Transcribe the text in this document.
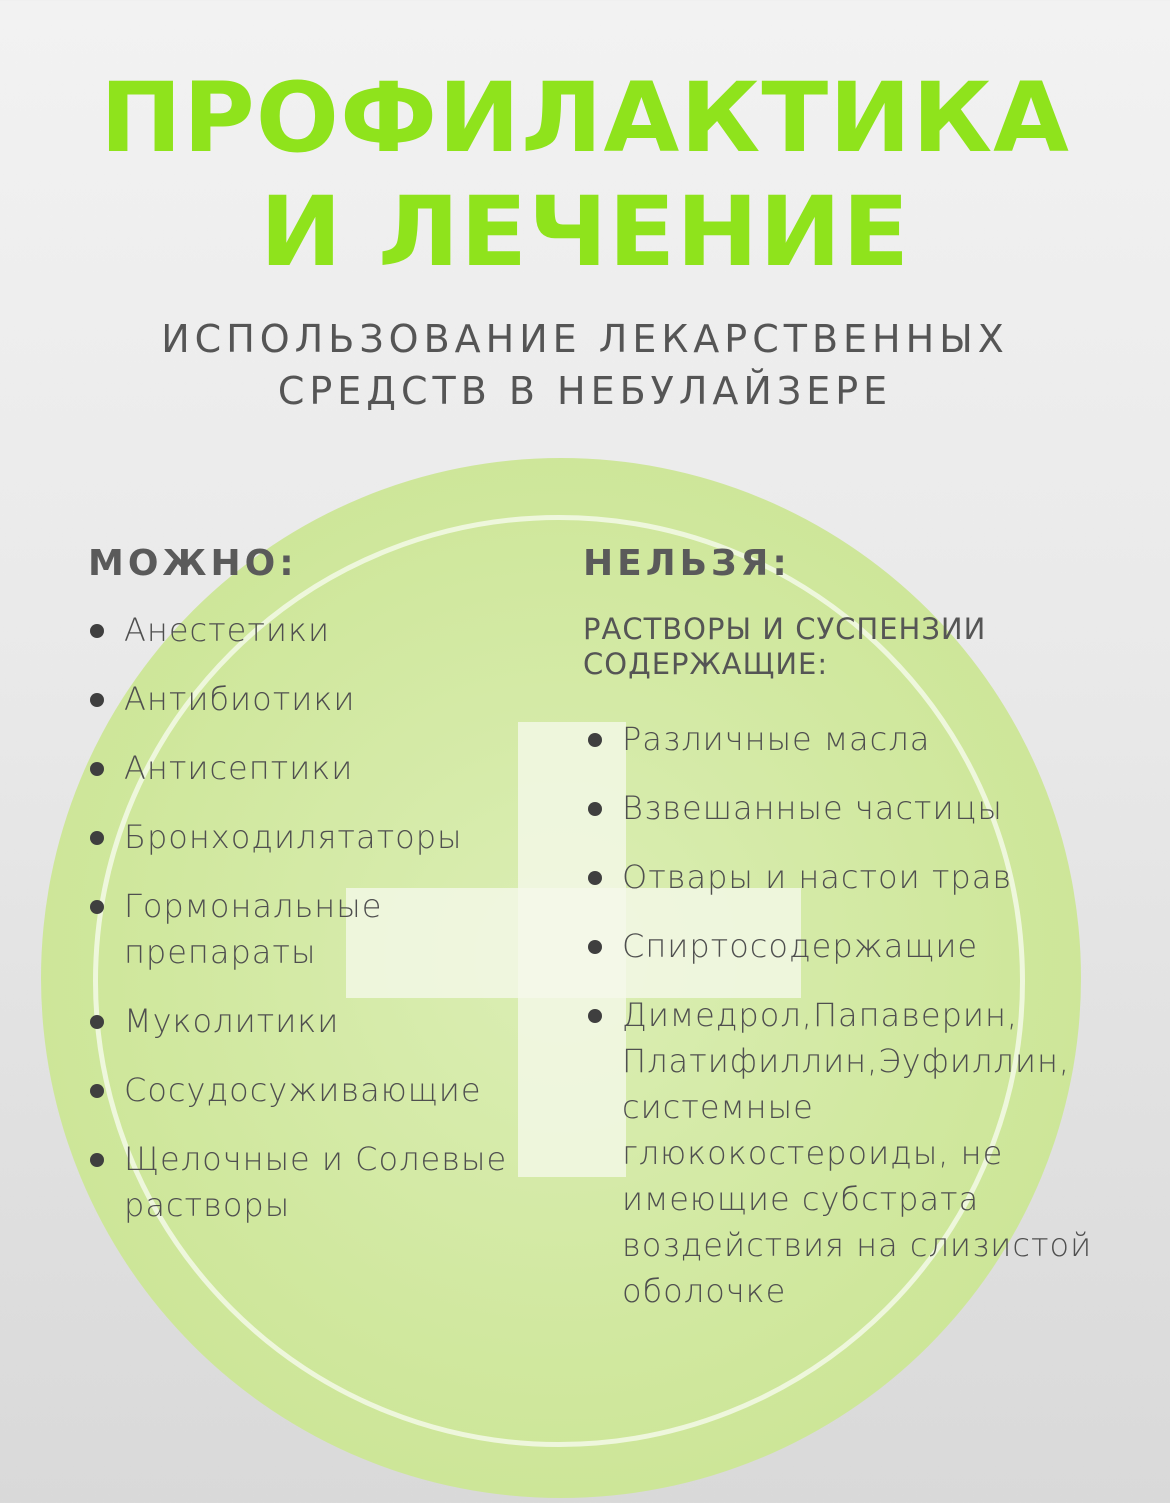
ПРОФИЛАКТИКА
И ЛЕЧЕНИЕ
ИСПОЛЬЗОВАНИЕ ЛЕКАРСТВЕННЫХ
СРЕДСТВ В НЕБУЛАЙЗЕРЕ
МОЖНО:
Анестетики
Антибиотики
Антисептики
Бронходилятаторы
Гормональные препараты
Муколитики
Сосудосуживающие
Щелочные и Солевые растворы
НЕЛЬЗЯ:
РАСТВОРЫ И СУСПЕНЗИИ СОДЕРЖАЩИЕ:
Различные масла
Взвешанные частицы
Отвары и настои трав
Спиртосодержащие
Димедрол,Папаверин, Платифиллин,Эуфиллин, системные глюкокостероиды, не имеющие субстрата воздействия на слизистой оболочке
